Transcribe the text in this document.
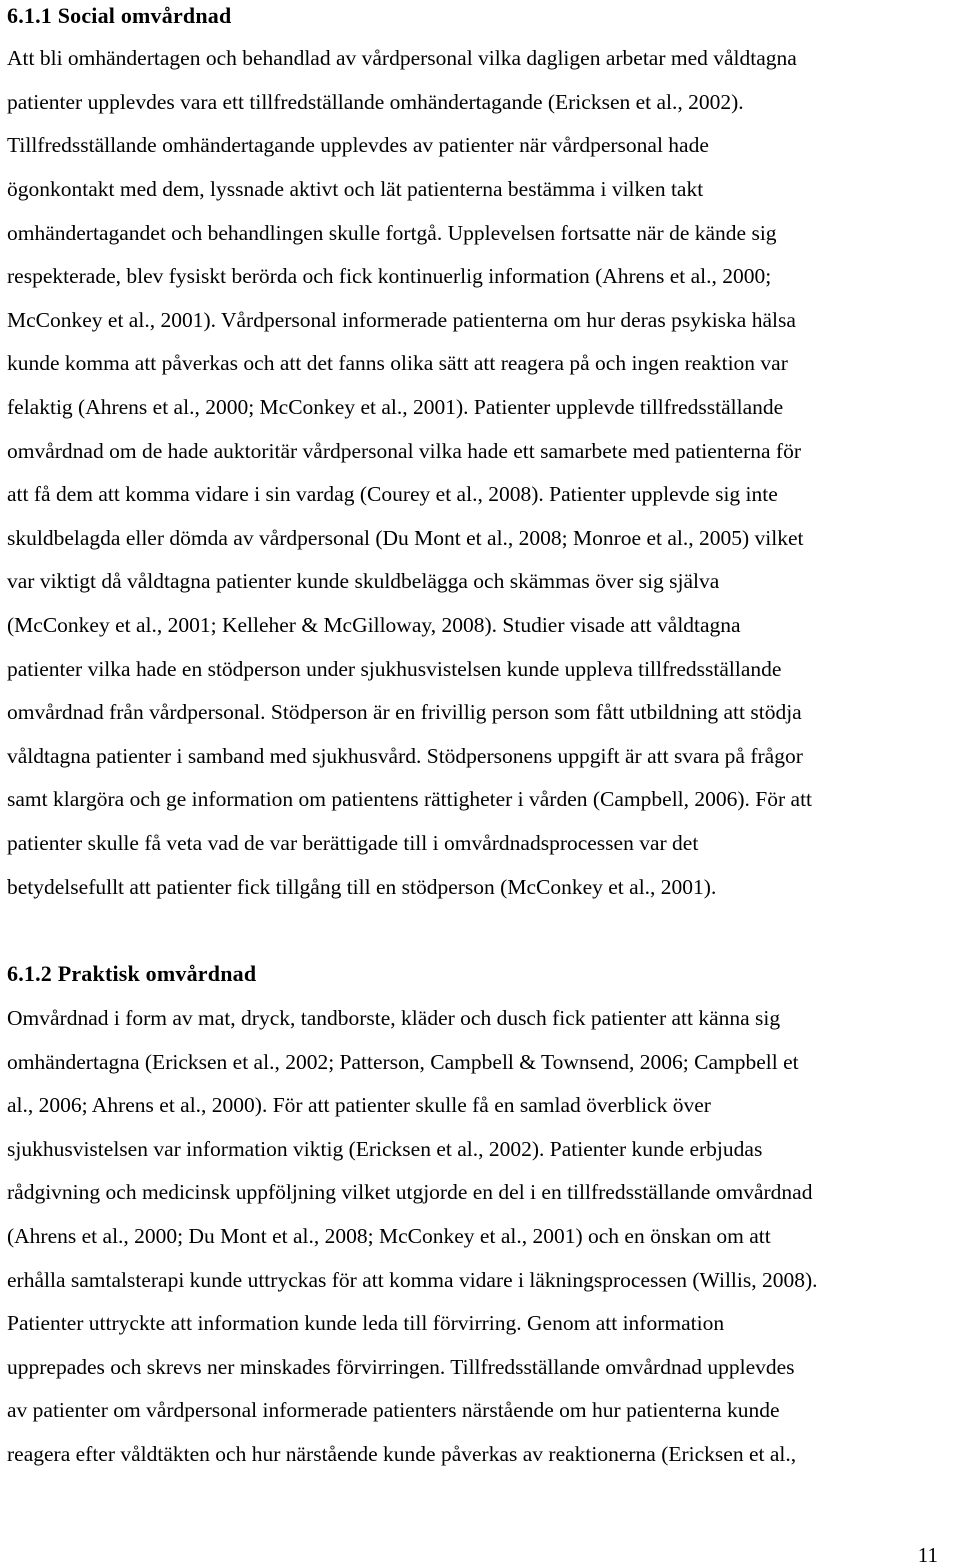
6.1.1 Social omvårdnad
Att bli omhändertagen och behandlad av vårdpersonal vilka dagligen arbetar med våldtagna
patienter upplevdes vara ett tillfredställande omhändertagande (Ericksen et al., 2002).
Tillfredsställande omhändertagande upplevdes av patienter när vårdpersonal hade
ögonkontakt med dem, lyssnade aktivt och lät patienterna bestämma i vilken takt
omhändertagandet och behandlingen skulle fortgå. Upplevelsen fortsatte när de kände sig
respekterade, blev fysiskt berörda och fick kontinuerlig information (Ahrens et al., 2000;
McConkey et al., 2001). Vårdpersonal informerade patienterna om hur deras psykiska hälsa
kunde komma att påverkas och att det fanns olika sätt att reagera på och ingen reaktion var
felaktig (Ahrens et al., 2000; McConkey et al., 2001). Patienter upplevde tillfredsställande
omvårdnad om de hade auktoritär vårdpersonal vilka hade ett samarbete med patienterna för
att få dem att komma vidare i sin vardag (Courey et al., 2008). Patienter upplevde sig inte
skuldbelagda eller dömda av vårdpersonal (Du Mont et al., 2008; Monroe et al., 2005) vilket
var viktigt då våldtagna patienter kunde skuldbelägga och skämmas över sig själva
(McConkey et al., 2001; Kelleher & McGilloway, 2008). Studier visade att våldtagna
patienter vilka hade en stödperson under sjukhusvistelsen kunde uppleva tillfredsställande
omvårdnad från vårdpersonal. Stödperson är en frivillig person som fått utbildning att stödja
våldtagna patienter i samband med sjukhusvård. Stödpersonens uppgift är att svara på frågor
samt klargöra och ge information om patientens rättigheter i vården (Campbell, 2006). För att
patienter skulle få veta vad de var berättigade till i omvårdnadsprocessen var det
betydelsefullt att patienter fick tillgång till en stödperson (McConkey et al., 2001).
6.1.2 Praktisk omvårdnad
Omvårdnad i form av mat, dryck, tandborste, kläder och dusch fick patienter att känna sig
omhändertagna (Ericksen et al., 2002; Patterson, Campbell & Townsend, 2006; Campbell et
al., 2006; Ahrens et al., 2000). För att patienter skulle få en samlad överblick över
sjukhusvistelsen var information viktig (Ericksen et al., 2002). Patienter kunde erbjudas
rådgivning och medicinsk uppföljning vilket utgjorde en del i en tillfredsställande omvårdnad
(Ahrens et al., 2000; Du Mont et al., 2008; McConkey et al., 2001) och en önskan om att
erhålla samtalsterapi kunde uttryckas för att komma vidare i läkningsprocessen (Willis, 2008).
Patienter uttryckte att information kunde leda till förvirring. Genom att information
upprepades och skrevs ner minskades förvirringen. Tillfredsställande omvårdnad upplevdes
av patienter om vårdpersonal informerade patienters närstående om hur patienterna kunde
reagera efter våldtäkten och hur närstående kunde påverkas av reaktionerna (Ericksen et al.,
11
